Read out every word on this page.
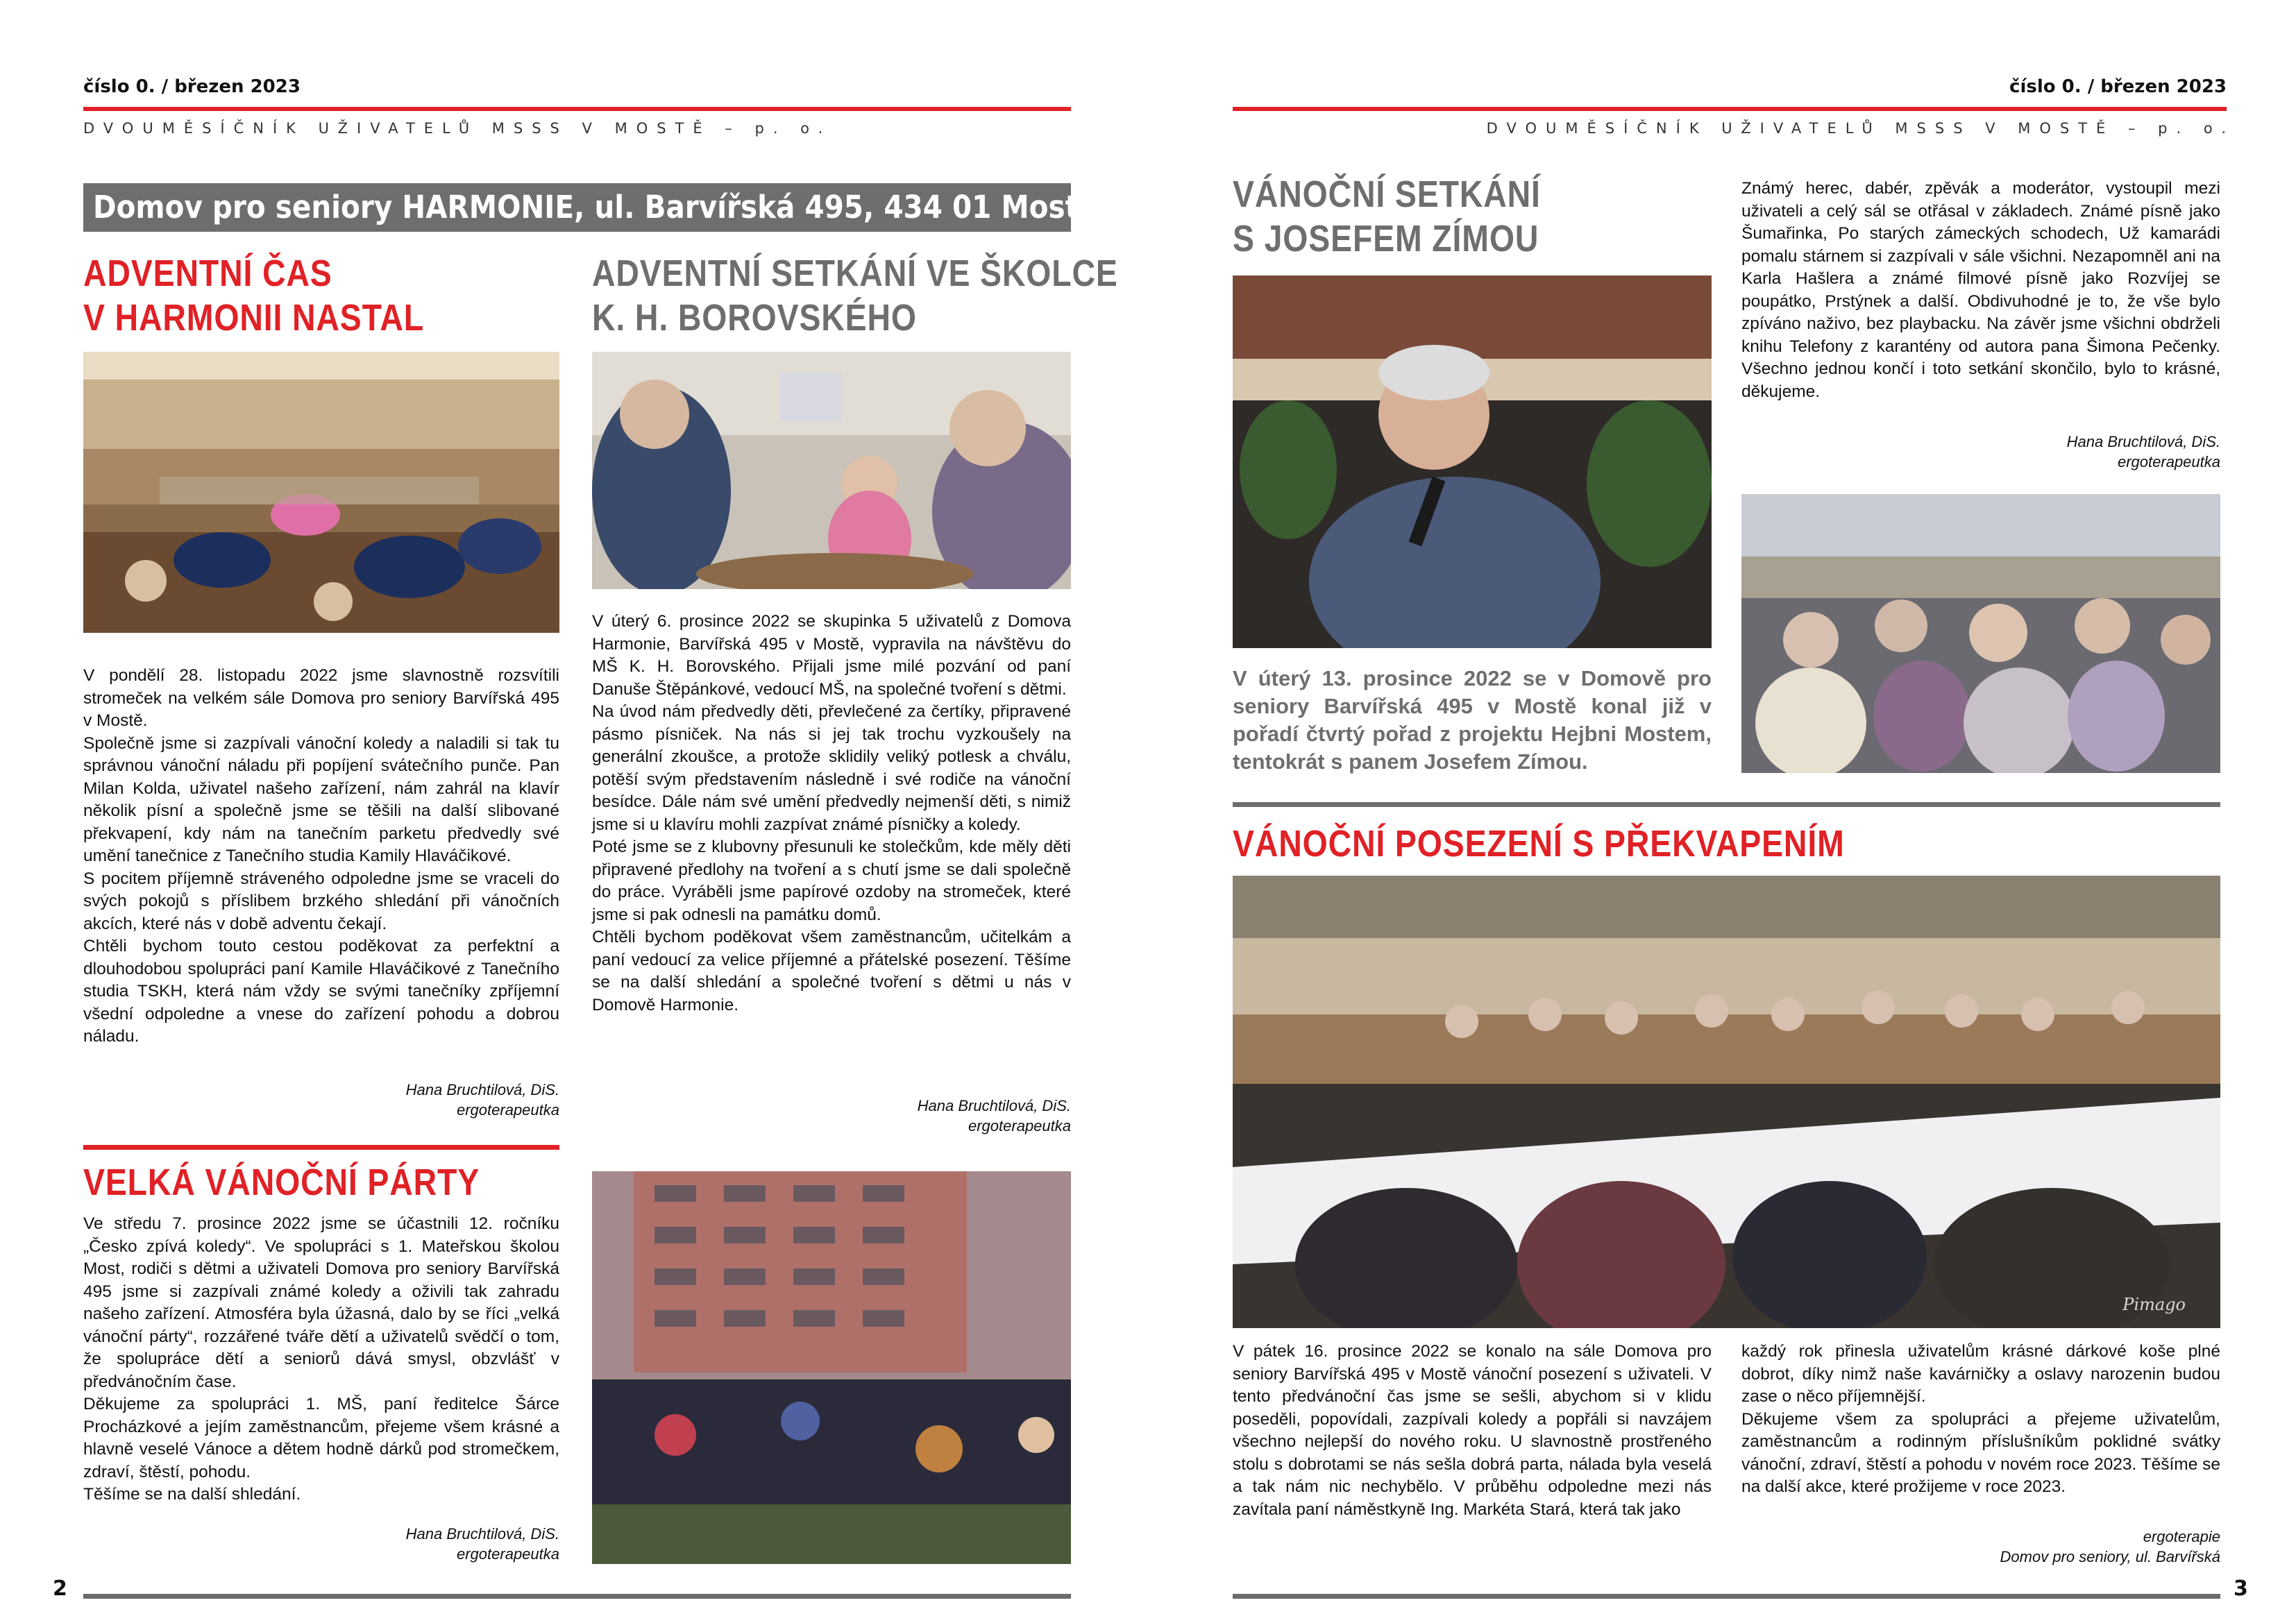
číslo 0. / březen 2023
DVOUMĚSÍČNÍK UŽIVATELŮ MSSS V MOSTĚ – p. o.
číslo 0. / březen 2023
DVOUMĚSÍČNÍK UŽIVATELŮ MSSS V MOSTĚ – p. o.
Domov pro seniory HARMONIE, ul. Barvířská 495, 434 01 Most
ADVENTNÍ ČAS
V HARMONII NASTAL

V pondělí 28. listopadu 2022 jsme slavnostně rozsvítili stromeček na velkém sále Domova pro seniory Barvířská 495 v Mostě.

Společně jsme si zazpívali vánoční koledy a naladili si tak tu správnou vánoční náladu při popíjení svátečního punče. Pan Milan Kolda, uživatel našeho zařízení, nám zahrál na klavír několik písní a společně jsme se těšili na další slibované překvapení, kdy nám na tanečním parketu předvedly své umění tanečnice z Tanečního studia Kamily Hlaváčikové.

S pocitem příjemně stráveného odpoledne jsme se vraceli do svých pokojů s příslibem brzkého shledání při vánočních akcích, které nás v době adventu čekají.

Chtěli bychom touto cestou poděkovat za perfektní a dlouhodobou spolupráci paní Kamile Hlaváčikové z Tanečního studia TSKH, která nám vždy se svými tanečníky zpříjemní všední odpoledne a vnese do zařízení pohodu a dobrou náladu.

Hana Bruchtilová, DiS.
ergoterapeutka
ADVENTNÍ SETKÁNÍ VE ŠKOLCE
K. H. BOROVSKÉHO

V úterý 6. prosince 2022 se skupinka 5 uživatelů z Domova Harmonie, Barvířská 495 v Mostě, vypravila na návštěvu do MŠ K. H. Borovského. Přijali jsme milé pozvání od paní Danuše Štěpánkové, vedoucí MŠ, na společné tvoření s dětmi.

Na úvod nám předvedly děti, převlečené za čertíky, připravené pásmo písniček. Na nás si jej tak trochu vyzkoušely na generální zkoušce, a protože sklidily veliký potlesk a chválu, potěší svým představením následně i své rodiče na vánoční besídce. Dále nám své umění předvedly nejmenší děti, s nimiž jsme si u klavíru mohli zazpívat známé písničky a koledy.

Poté jsme se z klubovny přesunuli ke stolečkům, kde měly děti připravené předlohy na tvoření a s chutí jsme se dali společně do práce. Vyráběli jsme papírové ozdoby na stromeček, které jsme si pak odnesli na památku domů.

Chtěli bychom poděkovat všem zaměstnancům, učitelkám a paní vedoucí za velice příjemné a přátelské posezení. Těšíme se na další shledání a společné tvoření s dětmi u nás v Domově Harmonie.

Hana Bruchtilová, DiS.
ergoterapeutka
VELKÁ VÁNOČNÍ PÁRTY

Ve středu 7. prosince 2022 jsme se účastnili 12. ročníku „Česko zpívá koledy“. Ve spolupráci s 1. Mateřskou školou Most, rodiči s dětmi a uživateli Domova pro seniory Barvířská 495 jsme si zazpívali známé koledy a oživili tak zahradu našeho zařízení. Atmosféra byla úžasná, dalo by se říci „velká vánoční párty“, rozzářené tváře dětí a uživatelů svědčí o tom, že spolupráce dětí a seniorů dává smysl, obzvlášť v předvánočním čase.

Děkujeme za spolupráci 1. MŠ, paní ředitelce Šárce Procházkové a jejím zaměstnancům, přejeme všem krásné a hlavně veselé Vánoce a dětem hodně dárků pod stromečkem, zdraví, štěstí, pohodu.

Těšíme se na další shledání.

Hana Bruchtilová, DiS.
ergoterapeutka
VÁNOČNÍ SETKÁNÍ
S JOSEFEM ZÍMOU
V úterý 13. prosince 2022 se v Domově pro seniory Barvířská 495 v Mostě konal již v pořadí čtvrtý pořad z projektu Hejbni Mostem, tentokrát s panem Josefem Zímou.

Známý herec, dabér, zpěvák a moderátor, vystoupil mezi uživateli a celý sál se otřásal v základech. Známé písně jako Šumařinka, Po starých zámeckých schodech, Už kamarádi pomalu stárnem si zazpívali v sále všichni. Nezapomněl ani na Karla Hašlera a známé filmové písně jako Rozvíjej se poupátko, Prstýnek a další. Obdivuhodné je to, že vše bylo zpíváno naživo, bez playbacku. Na závěr jsme všichni obdrželi knihu Telefony z karantény od autora pana Šimona Pečenky. Všechno jednou končí i toto setkání skončilo, bylo to krásné, děkujeme.

Hana Bruchtilová, DiS.
ergoterapeutka
VÁNOČNÍ POSEZENÍ S PŘEKVAPENÍM
Pimago

V pátek 16. prosince 2022 se konalo na sále Domova pro seniory Barvířská 495 v Mostě vánoční posezení s uživateli. V tento předvánoční čas jsme se sešli, abychom si v klidu poseděli, popovídali, zazpívali koledy a popřáli si navzájem všechno nejlepší do nového roku. U slavnostně prostřeného stolu s dobrotami se nás sešla dobrá parta, nálada byla veselá a tak nám nic nechybělo. V průběhu odpoledne mezi nás zavítala paní náměstkyně Ing. Markéta Stará, která tak jako

každý rok přinesla uživatelům krásné dárkové koše plné dobrot, díky nimž naše kavárničky a oslavy narozenin budou zase o něco příjemnější.

Děkujeme všem za spolupráci a přejeme uživatelům, zaměstnancům a rodinným příslušníkům poklidné svátky vánoční, zdraví, štěstí a pohodu v novém roce 2023. Těšíme se na další akce, které prožijeme v roce 2023.

ergoterapie
Domov pro seniory, ul. Barvířská
2	3
